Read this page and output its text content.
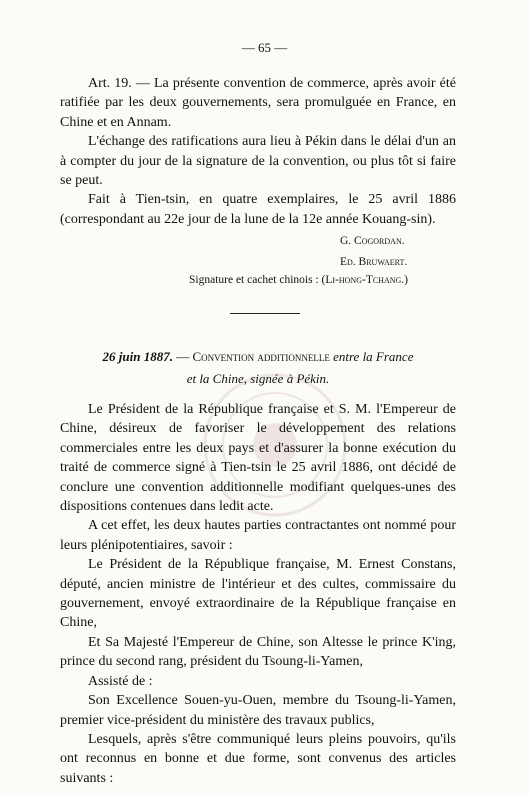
— 65 —

Art. 19. — La présente convention de commerce, après avoir été ratifiée par les deux gouvernements, sera promulguée en France, en Chine et en Annam.

L'échange des ratifications aura lieu à Pékin dans le délai d'un an à compter du jour de la signature de la convention, ou plus tôt si faire se peut.

Fait à Tien-tsin, en quatre exemplaires, le 25 avril 1886 (correspondant au 22e jour de la lune de la 12e année Kouang-sin).

G. Cogordan.
Ed. Bruwaert.
Signature et cachet chinois : (Li-hong-Tchang.)
26 juin 1887. — Convention additionnelle entre la France
et la Chine, signée à Pékin.

Le Président de la République française et S. M. l'Empereur de Chine, désireux de favoriser le développement des relations commerciales entre les deux pays et d'assurer la bonne exécution du traité de commerce signé à Tien-tsin le 25 avril 1886, ont décidé de conclure une convention additionnelle modifiant quelques-unes des dispositions contenues dans ledit acte.

A cet effet, les deux hautes parties contractantes ont nommé pour leurs plénipotentiaires, savoir :

Le Président de la République française, M. Ernest Constans, député, ancien ministre de l'intérieur et des cultes, commissaire du gouvernement, envoyé extraordinaire de la République française en Chine,

Et Sa Majesté l'Empereur de Chine, son Altesse le prince K'ing, prince du second rang, président du Tsoung-li-Yamen,

Assisté de :

Son Excellence Souen-yu-Ouen, membre du Tsoung-li-Yamen, premier vice-président du ministère des travaux publics,

Lesquels, après s'être communiqué leurs pleins pouvoirs, qu'ils ont reconnus en bonne et due forme, sont convenus des articles suivants :
